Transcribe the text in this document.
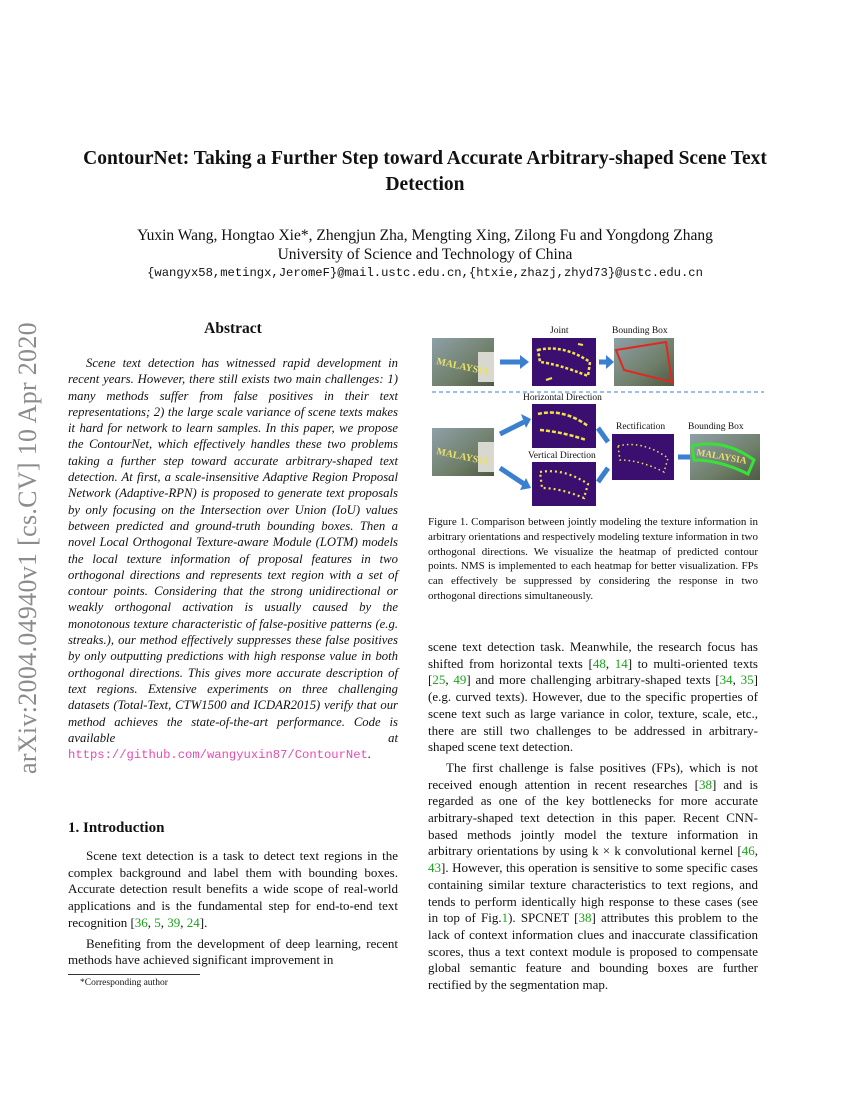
arXiv:2004.04940v1 [cs.CV] 10 Apr 2020
ContourNet: Taking a Further Step toward Accurate Arbitrary-shaped Scene Text Detection
Yuxin Wang, Hongtao Xie*, Zhengjun Zha, Mengting Xing, Zilong Fu and Yongdong Zhang
University of Science and Technology of China
{wangyx58,metingx,JeromeF}@mail.ustc.edu.cn,{htxie,zhazj,zhyd73}@ustc.edu.cn
Abstract
Scene text detection has witnessed rapid development in recent years. However, there still exists two main challenges: 1) many methods suffer from false positives in their text representations; 2) the large scale variance of scene texts makes it hard for network to learn samples. In this paper, we propose the ContourNet, which effectively handles these two problems taking a further step toward accurate arbitrary-shaped text detection. At first, a scale-insensitive Adaptive Region Proposal Network (Adaptive-RPN) is proposed to generate text proposals by only focusing on the Intersection over Union (IoU) values between predicted and ground-truth bounding boxes. Then a novel Local Orthogonal Texture-aware Module (LOTM) models the local texture information of proposal features in two orthogonal directions and represents text region with a set of contour points. Considering that the strong unidirectional or weakly orthogonal activation is usually caused by the monotonous texture characteristic of false-positive patterns (e.g. streaks.), our method effectively suppresses these false positives by only outputting predictions with high response value in both orthogonal directions. This gives more accurate description of text regions. Extensive experiments on three challenging datasets (Total-Text, CTW1500 and ICDAR2015) verify that our method achieves the state-of-the-art performance. Code is available at https://github.com/wangyuxin87/ContourNet.
1. Introduction

Scene text detection is a task to detect text regions in the complex background and label them with bounding boxes. Accurate detection result benefits a wide scope of real-world applications and is the fundamental step for end-to-end text recognition [36, 5, 39, 24].

Benefiting from the development of deep learning, recent methods have achieved significant improvement in

*Corresponding author
MALAYSIA
Joint	Bounding Box
Horizontal Direction
MALAYSIA	Vertical Direction
Rectification Bounding Box
MALAYSIA
Figure 1. Comparison between jointly modeling the texture information in arbitrary orientations and respectively modeling texture information in two orthogonal directions. We visualize the heatmap of predicted contour points. NMS is implemented to each heatmap for better visualization. FPs can effectively be suppressed by considering the response in two orthogonal directions simultaneously.

scene text detection task. Meanwhile, the research focus has shifted from horizontal texts [48, 14] to multi-oriented texts [25, 49] and more challenging arbitrary-shaped texts [34, 35] (e.g. curved texts). However, due to the specific properties of scene text such as large variance in color, texture, scale, etc., there are still two challenges to be addressed in arbitrary-shaped scene text detection.

The first challenge is false positives (FPs), which is not received enough attention in recent researches [38] and is regarded as one of the key bottlenecks for more accurate arbitrary-shaped text detection in this paper. Recent CNN-based methods jointly model the texture information in arbitrary orientations by using k × k convolutional kernel [46, 43]. However, this operation is sensitive to some specific cases containing similar texture characteristics to text regions, and tends to perform identically high response to these cases (see in top of Fig.1). SPCNET [38] attributes this problem to the lack of context information clues and inaccurate classification scores, thus a text context module is proposed to compensate global semantic feature and bounding boxes are further rectified by the segmentation map.
